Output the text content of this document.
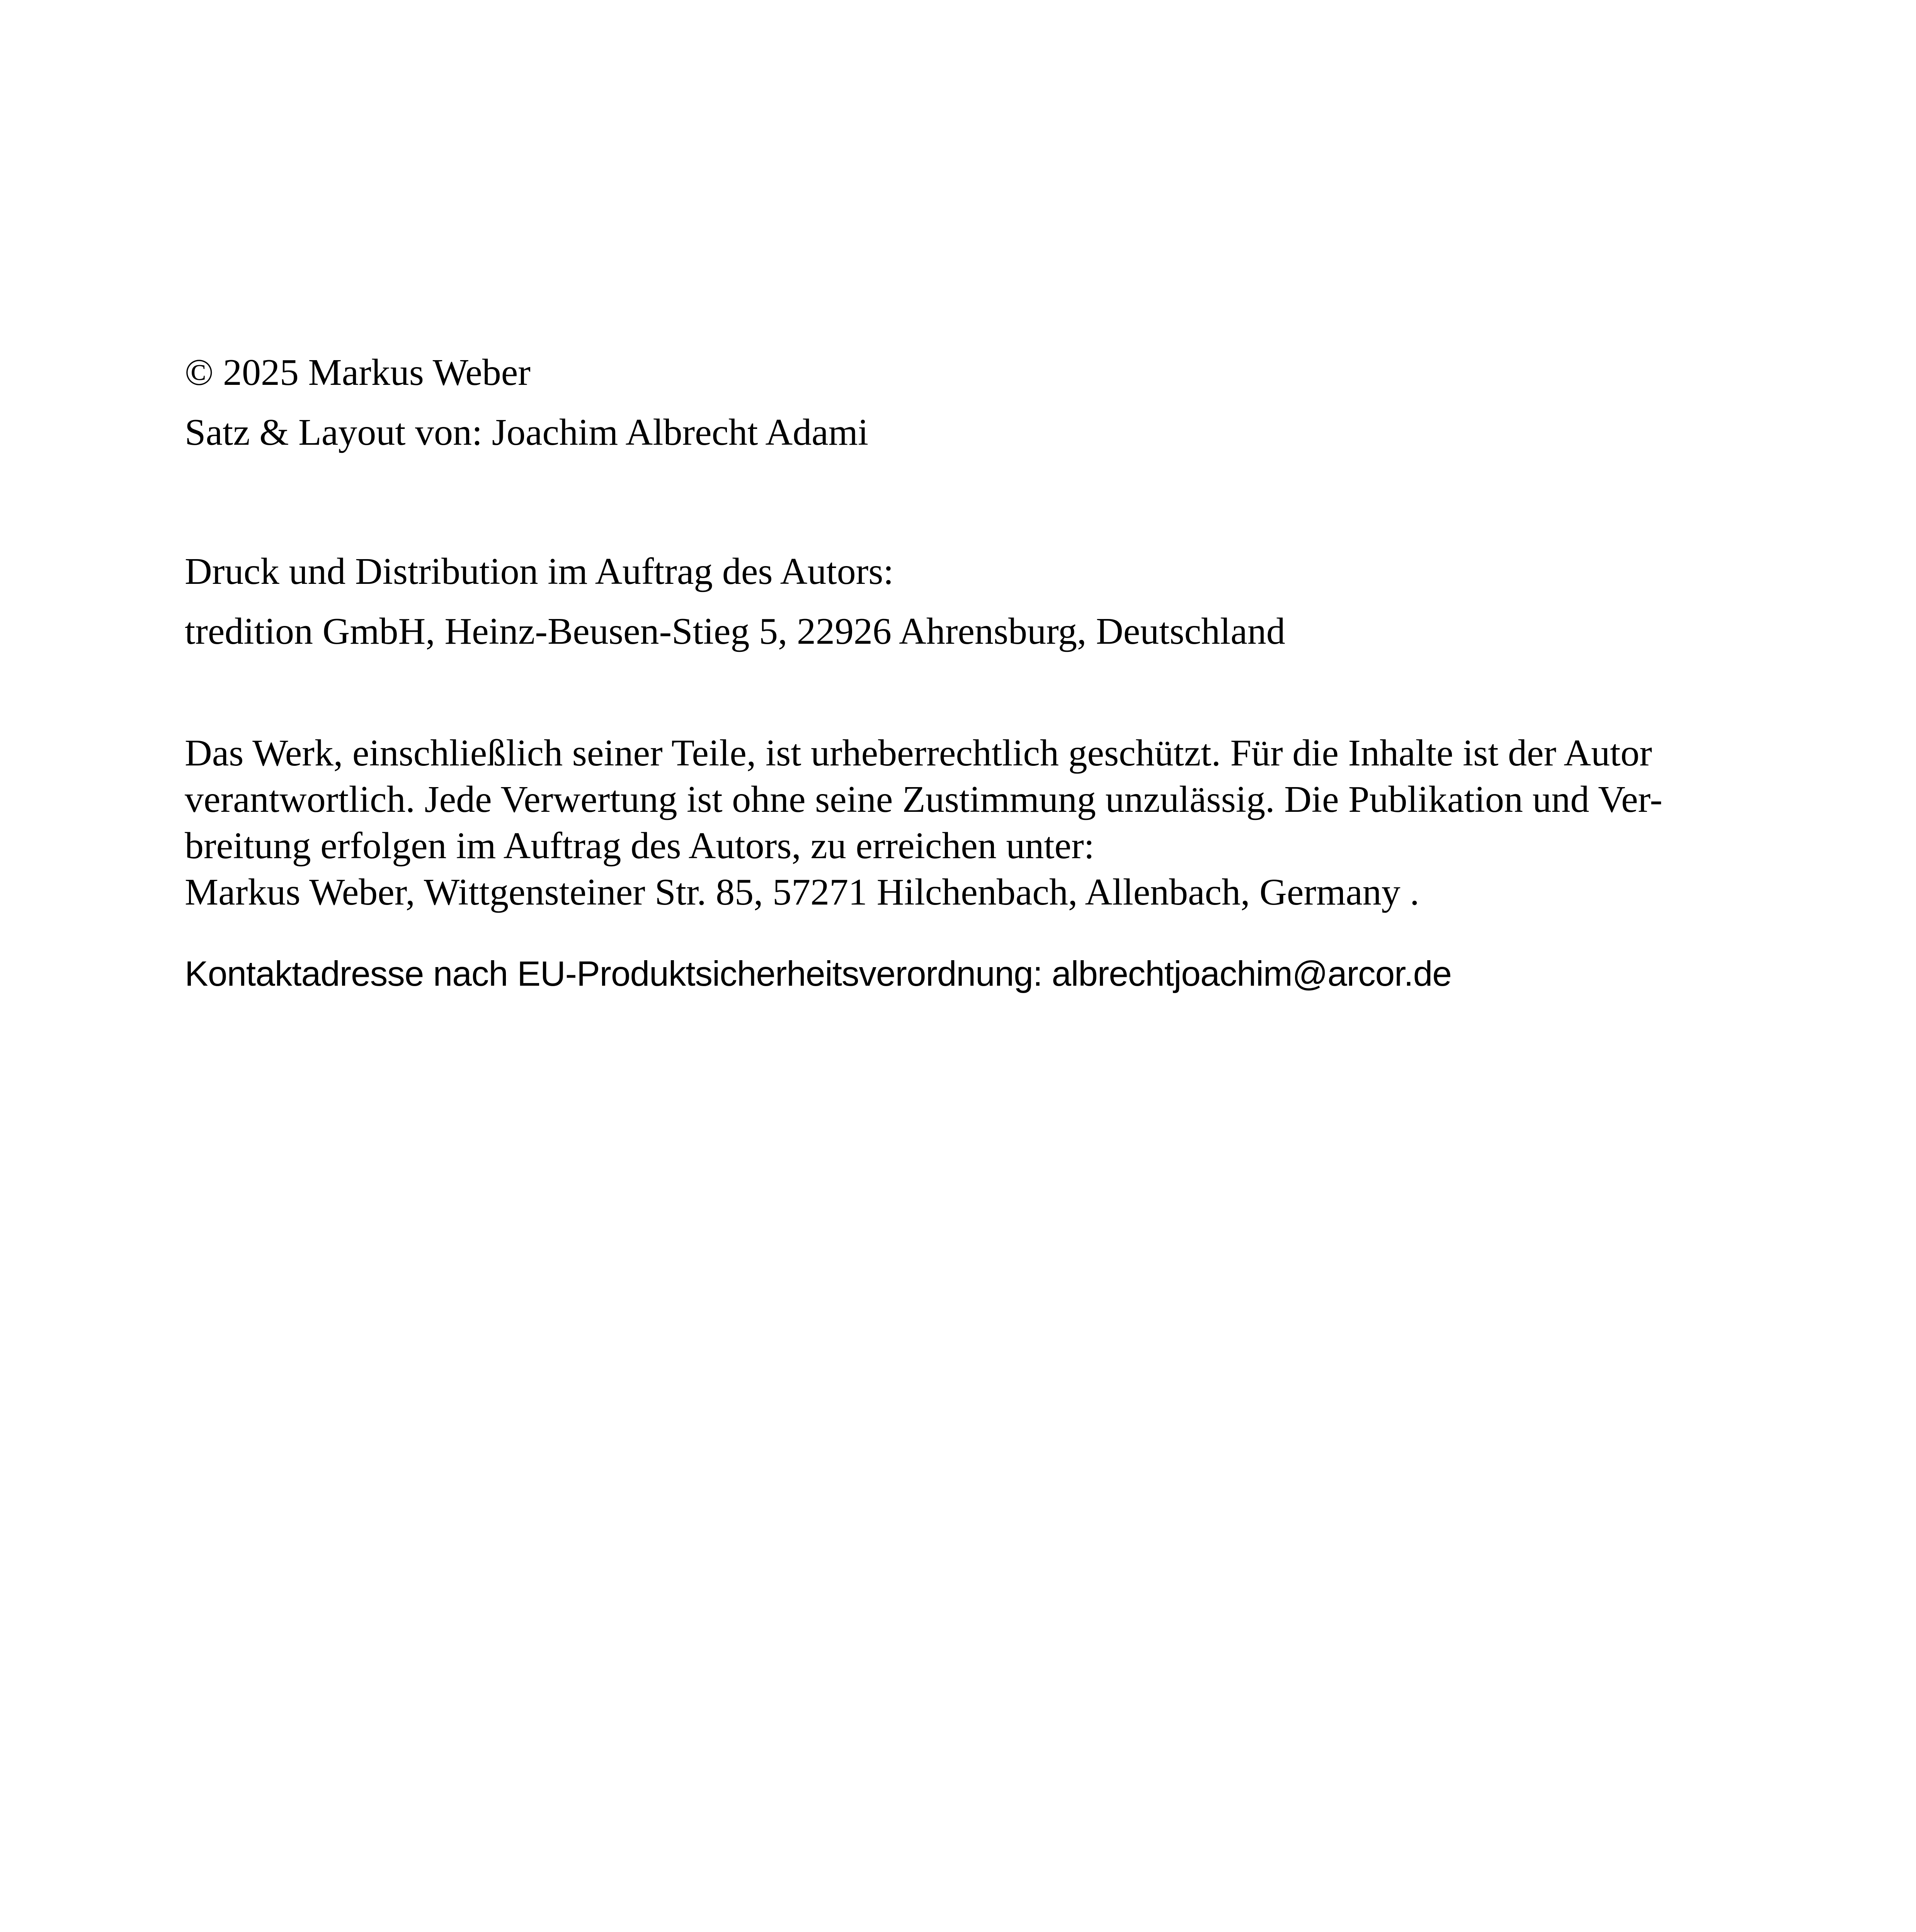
© 2025 Markus Weber
Satz & Layout von: Joachim Albrecht Adami
Druck und Distribution im Auftrag des Autors:
tredition GmbH, Heinz-Beusen-Stieg 5, 22926 Ahrensburg, Deutschland
Das Werk, einschließlich seiner Teile, ist urheberrechtlich geschützt. Für die Inhalte ist der Autor
verantwortlich. Jede Verwertung ist ohne seine Zustimmung unzulässig. Die Publikation und Ver-
breitung erfolgen im Auftrag des Autors, zu erreichen unter:
Markus Weber, Wittgensteiner Str. 85, 57271 Hilchenbach, Allenbach, Germany .
Kontaktadresse nach EU-Produktsicherheitsverordnung: albrechtjoachim@arcor.de
